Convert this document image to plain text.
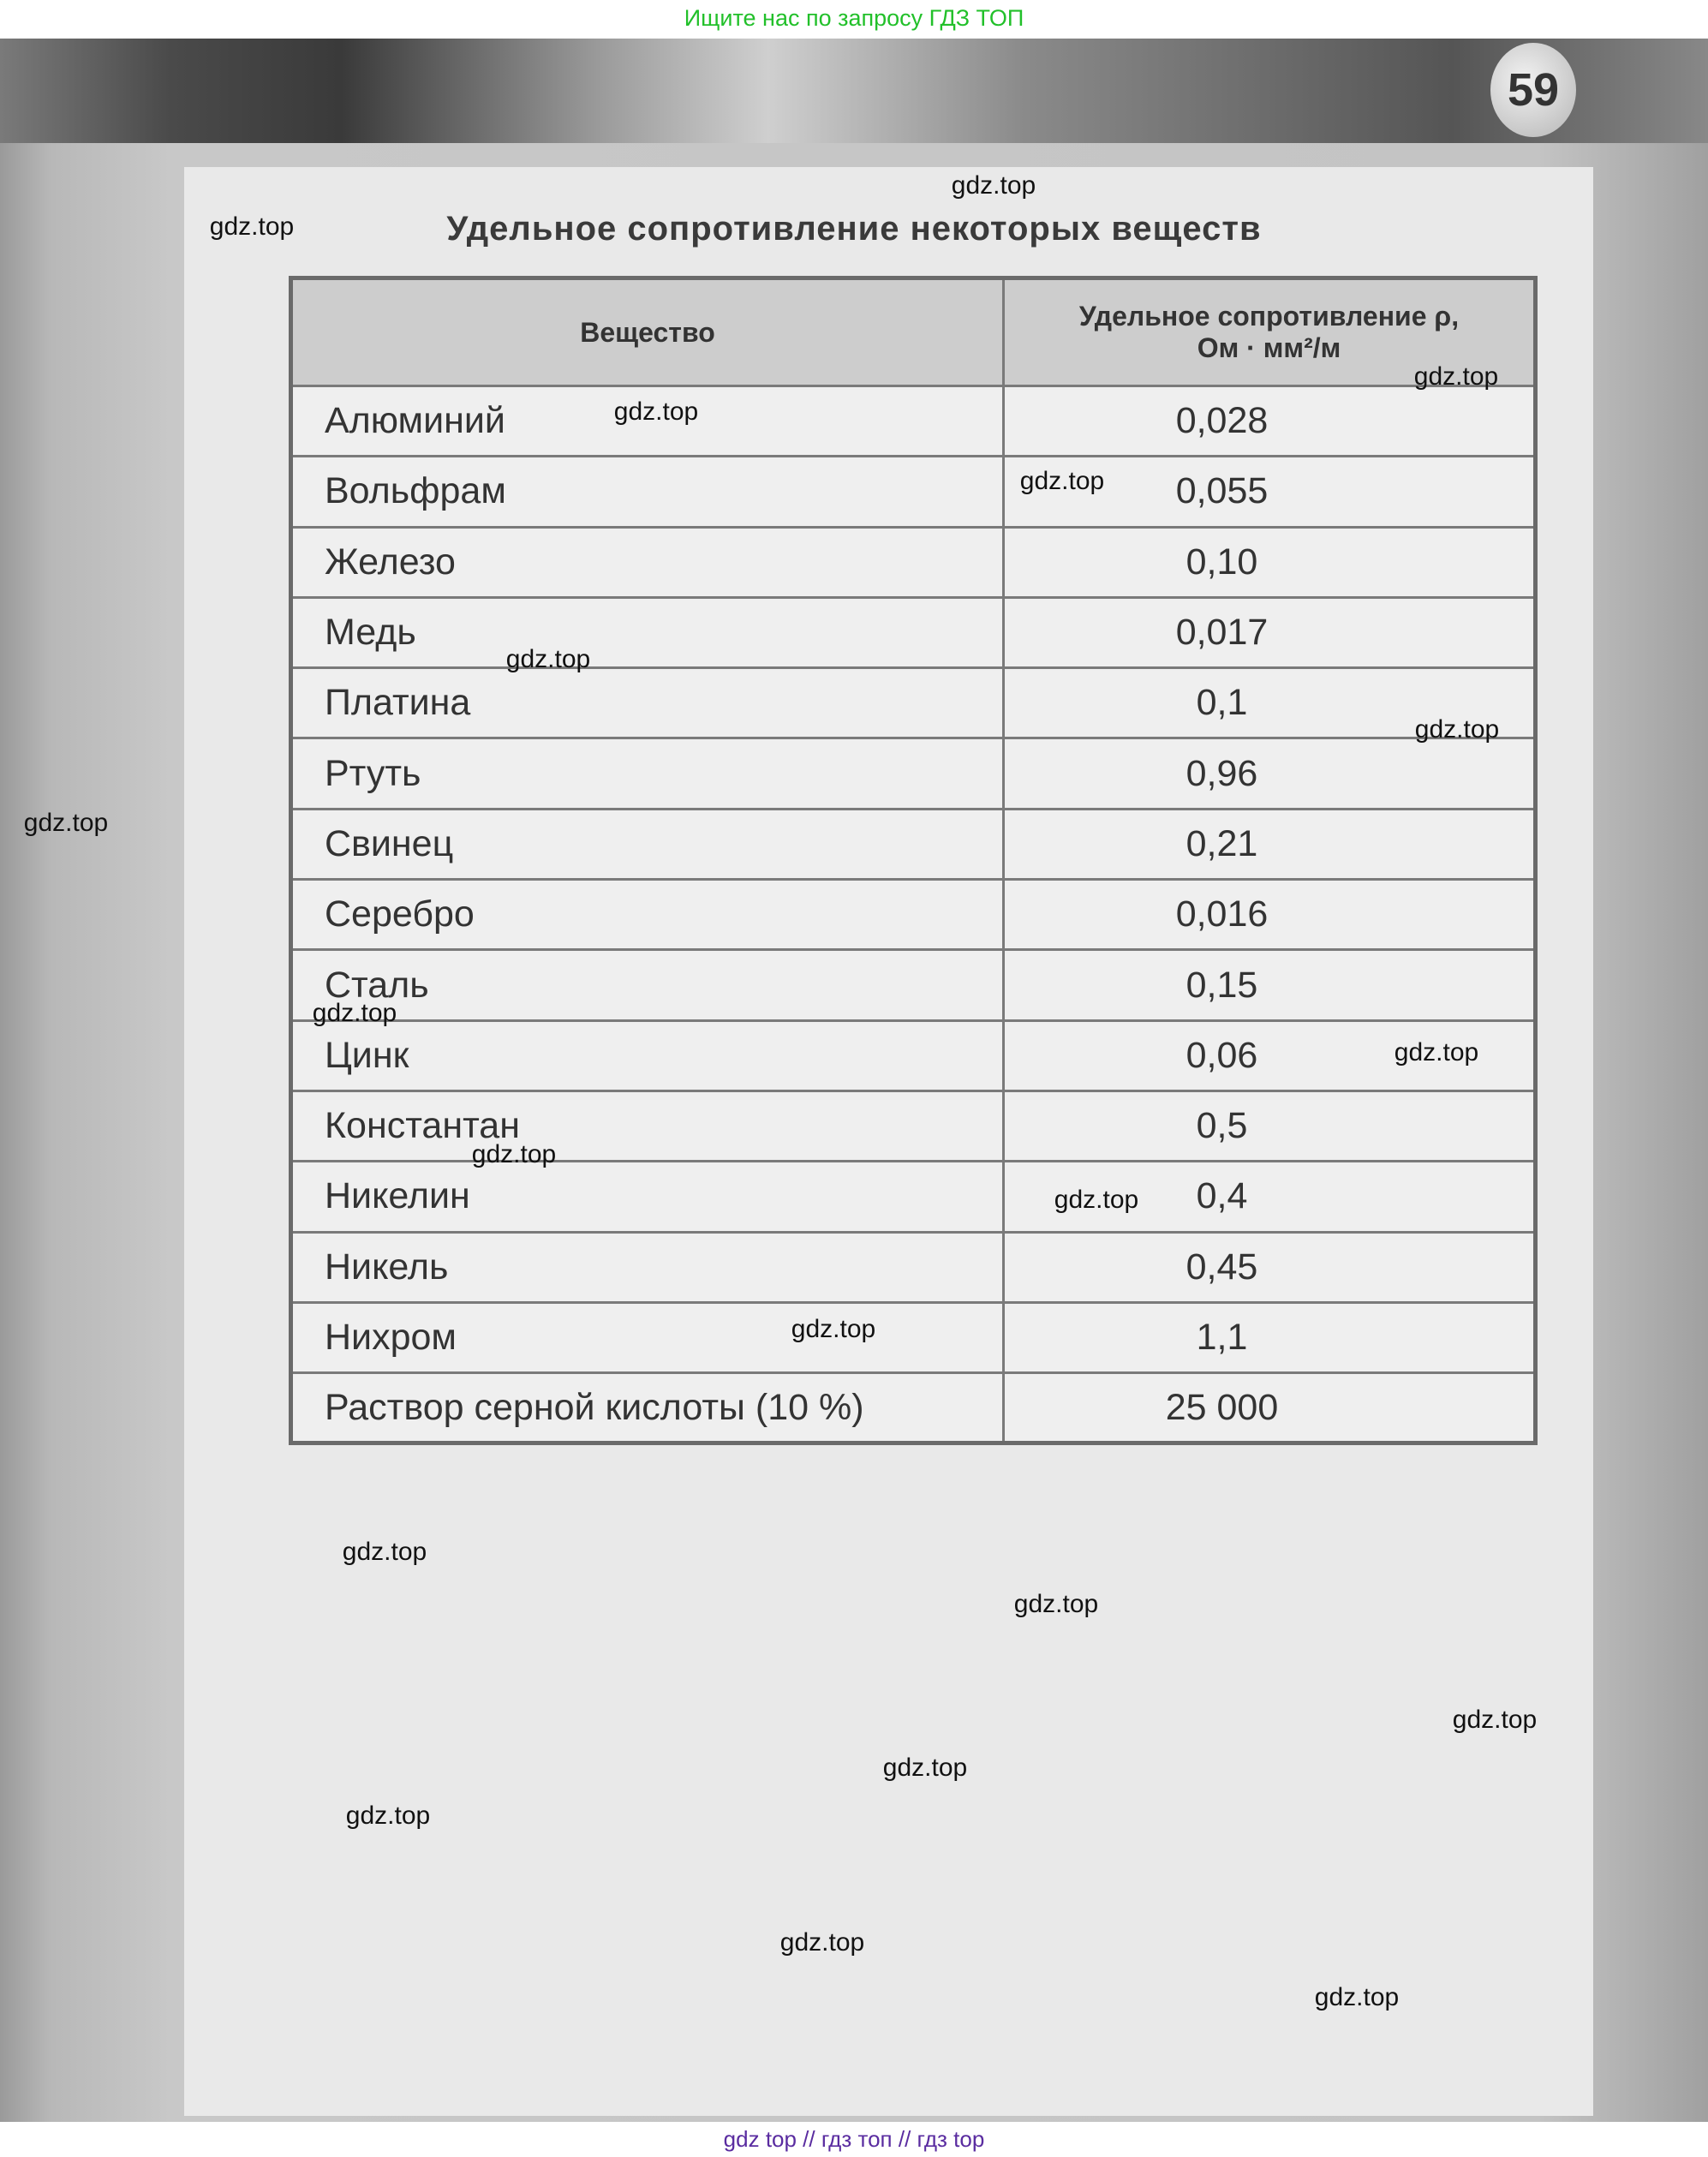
Ищите нас по запросу ГДЗ ТОП
59
Удельное сопротивление некоторых веществ
Вещество	Удельное сопротивление ρ,
Ом · мм²/м
Алюминий	0,028
Вольфрам	0,055
Железо	0,10
Медь	0,017
Платина	0,1
Ртуть	0,96
Свинец	0,21
Серебро	0,016
Сталь	0,15
Цинк	0,06
Константан	0,5
Никелин	0,4
Никель	0,45
Нихром	1,1
Раствор серной кислоты (10 %)	25 000
gdz.top
gdz.top
gdz.top
gdz.top
gdz.top
gdz.top
gdz.top
gdz.top
gdz.top
gdz.top
gdz.top
gdz.top
gdz.top
gdz.top
gdz.top
gdz.top
gdz.top
gdz.top
gdz.top
gdz.top
gdz top // гдз топ // гдз top
